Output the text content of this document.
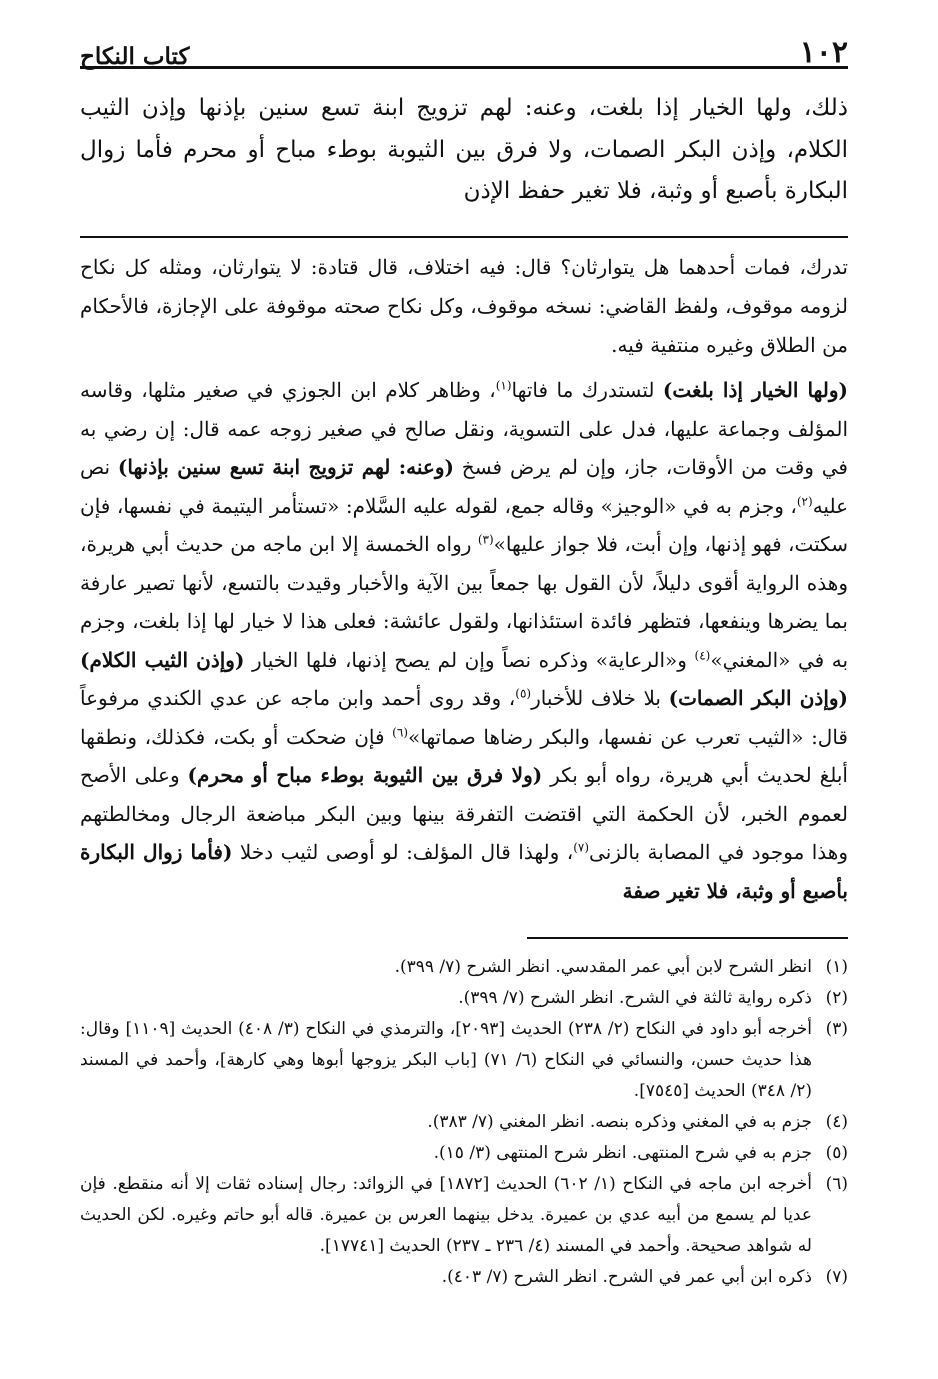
١٠٢
كتاب النكاح
ذلك، ولها الخيار إذا بلغت، وعنه: لهم تزويج ابنة تسع سنين بإذنها وإذن الثيب الكلام، وإذن البكر الصمات، ولا فرق بين الثيوبة بوطء مباح أو محرم فأما زوال البكارة بأصبع أو وثبة، فلا تغير حفظ الإذن
تدرك، فمات أحدهما هل يتوارثان؟ قال: فيه اختلاف، قال قتادة: لا يتوارثان، ومثله كل نكاح لزومه موقوف، ولفظ القاضي: نسخه موقوف، وكل نكاح صحته موقوفة على الإجازة، فالأحكام من الطلاق وغيره منتفية فيه.
(ولها الخيار إذا بلغت) لتستدرك ما فاتها$^{(١)}$، وظاهر كلام ابن الجوزي في صغير مثلها، وقاسه المؤلف وجماعة عليها، فدل على التسوية، ونقل صالح في صغير زوجه عمه قال: إن رضي به في وقت من الأوقات، جاز، وإن لم يرض فسخ (وعنه: لهم تزويج ابنة تسع سنين بإذنها) نص عليه$^{(٢)}$، وجزم به في «الوجيز» وقاله جمع، لقوله عليه السَّلام: «تستأمر اليتيمة في نفسها، فإن سكتت، فهو إذنها، وإن أبت، فلا جواز عليها»$^{(٣)}$ رواه الخمسة إلا ابن ماجه من حديث أبي هريرة، وهذه الرواية أقوى دليلاً، لأن القول بها جمعاً بين الآية والأخبار وقيدت بالتسع، لأنها تصير عارفة بما يضرها وينفعها، فتظهر فائدة استئذانها، ولقول عائشة: فعلى هذا لا خيار لها إذا بلغت، وجزم به في «المغني»$^{(٤)}$ و«الرعاية» وذكره نصاً وإن لم يصح إذنها، فلها الخيار (وإذن الثيب الكلام) (وإذن البكر الصمات) بلا خلاف للأخبار$^{(٥)}$، وقد روى أحمد وابن ماجه عن عدي الكندي مرفوعاً قال: «الثيب تعرب عن نفسها، والبكر رضاها صماتها»$^{(٦)}$ فإن ضحكت أو بكت، فكذلك، ونطقها أبلغ لحديث أبي هريرة، رواه أبو بكر (ولا فرق بين الثيوبة بوطء مباح أو محرم) وعلى الأصح لعموم الخبر، لأن الحكمة التي اقتضت التفرقة بينها وبين البكر مباضعة الرجال ومخالطتهم وهذا موجود في المصابة بالزنى$^{(٧)}$، ولهذا قال المؤلف: لو أوصى لثيب دخلا (فأما زوال البكارة بأصبع أو وثبة، فلا تغير صفة
(١)
انظر الشرح لابن أبي عمر المقدسي. انظر الشرح (٧/ ٣٩٩).
(٢)
ذكره رواية ثالثة في الشرح. انظر الشرح (٧/ ٣٩٩).
(٣)
أخرجه أبو داود في النكاح (٢/ ٢٣٨) الحديث [٢٠٩٣]، والترمذي في النكاح (٣/ ٤٠٨) الحديث [١١٠٩] وقال: هذا حديث حسن، والنسائي في النكاح (٦/ ٧١) [باب البكر يزوجها أبوها وهي كارهة]، وأحمد في المسند (٢/ ٣٤٨) الحديث [٧٥٤٥].
(٤)
جزم به في المغني وذكره بنصه. انظر المغني (٧/ ٣٨٣).
(٥)
جزم به في شرح المنتهى. انظر شرح المنتهى (٣/ ١٥).
(٦)
أخرجه ابن ماجه في النكاح (١/ ٦٠٢) الحديث [١٨٧٢] في الزوائد: رجال إسناده ثقات إلا أنه منقطع. فإن عديا لم يسمع من أبيه عدي بن عميرة. يدخل بينهما العرس بن عميرة. قاله أبو حاتم وغيره. لكن الحديث له شواهد صحيحة. وأحمد في المسند (٤/ ٢٣٦ ـ ٢٣٧) الحديث [١٧٧٤١].
(٧)
ذكره ابن أبي عمر في الشرح. انظر الشرح (٧/ ٤٠٣).
